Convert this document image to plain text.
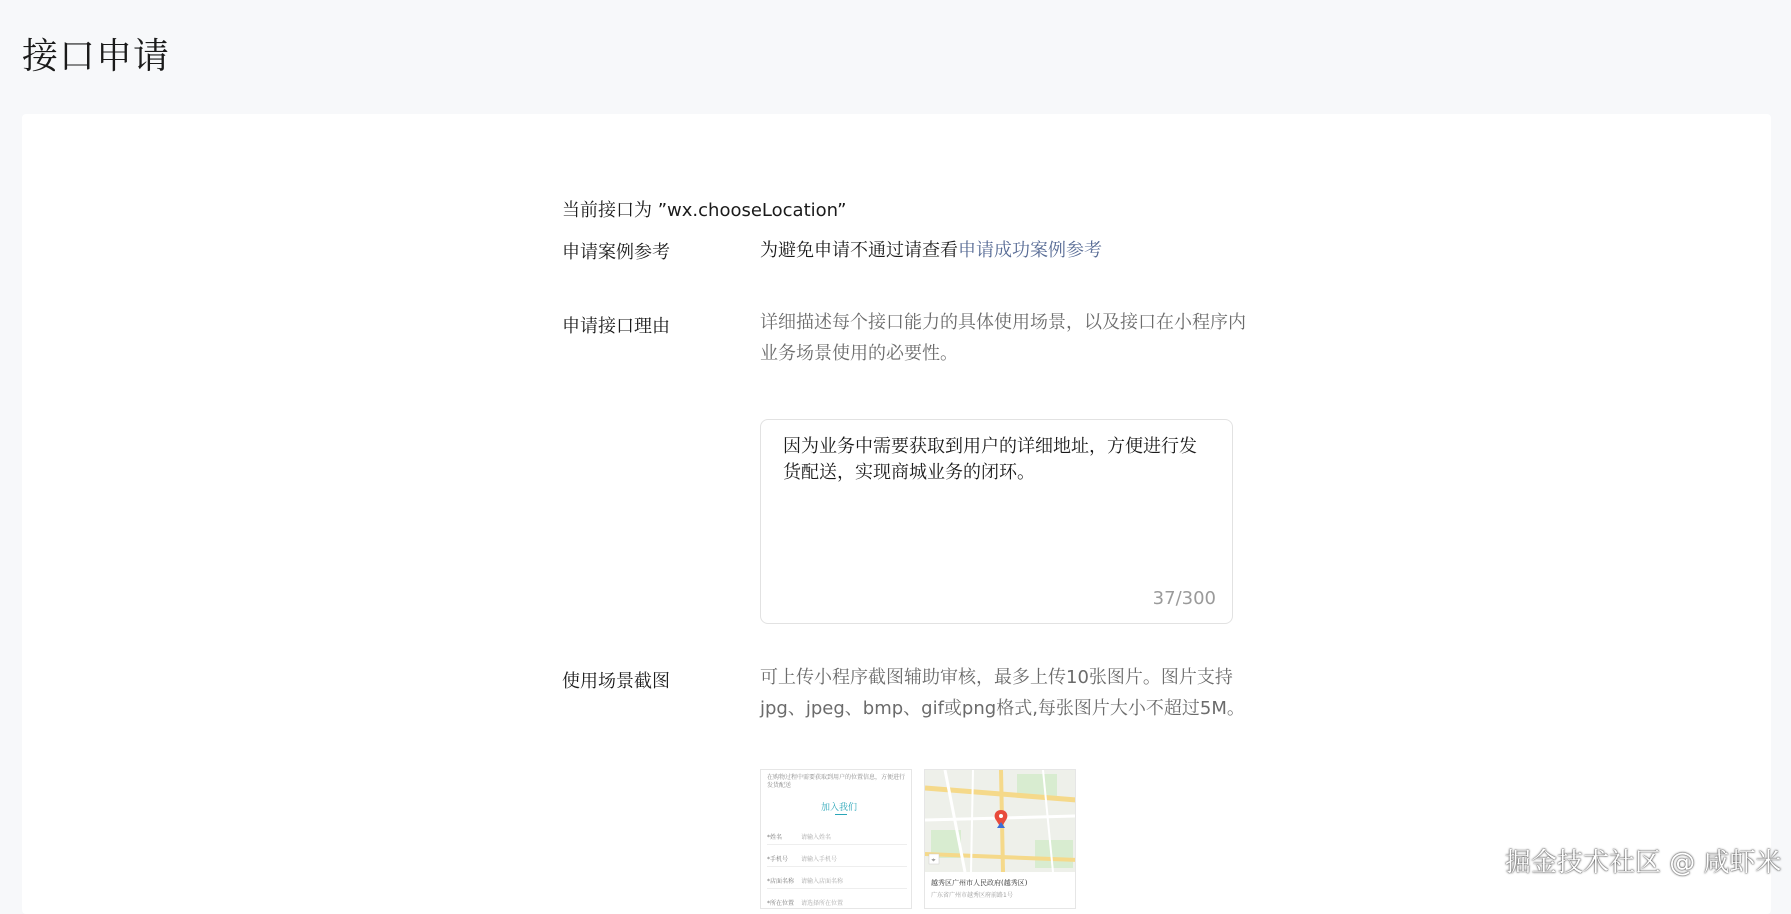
接口申请
当前接口为 ”wx.chooseLocation”
申请案例参考	为避免申请不通过请查看申请成功案例参考
申请接口理由	详细描述每个接口能力的具体使用场景，以及接口在小程序内业务场景使用的必要性。
因为业务中需要获取到用户的详细地址，方便进行发货配送，实现商城业务的闭环。
37/300
使用场景截图	可上传小程序截图辅助审核，最多上传10张图片。图片支持jpg、jpeg、bmp、gif或png格式,每张图片大小不超过5M。
在购物过程中需要获取到用户的位置信息，方便进行发货配送
加入我们
*姓名	请输入姓名
*手机号 请输入手机号
*店面名称 请输入店面名称
*所在位置 请选择所在位置
⌖
越秀区广州市人民政府(越秀区)
广东省广州市越秀区府前路1号
掘金技术社区 @ 咸虾米
